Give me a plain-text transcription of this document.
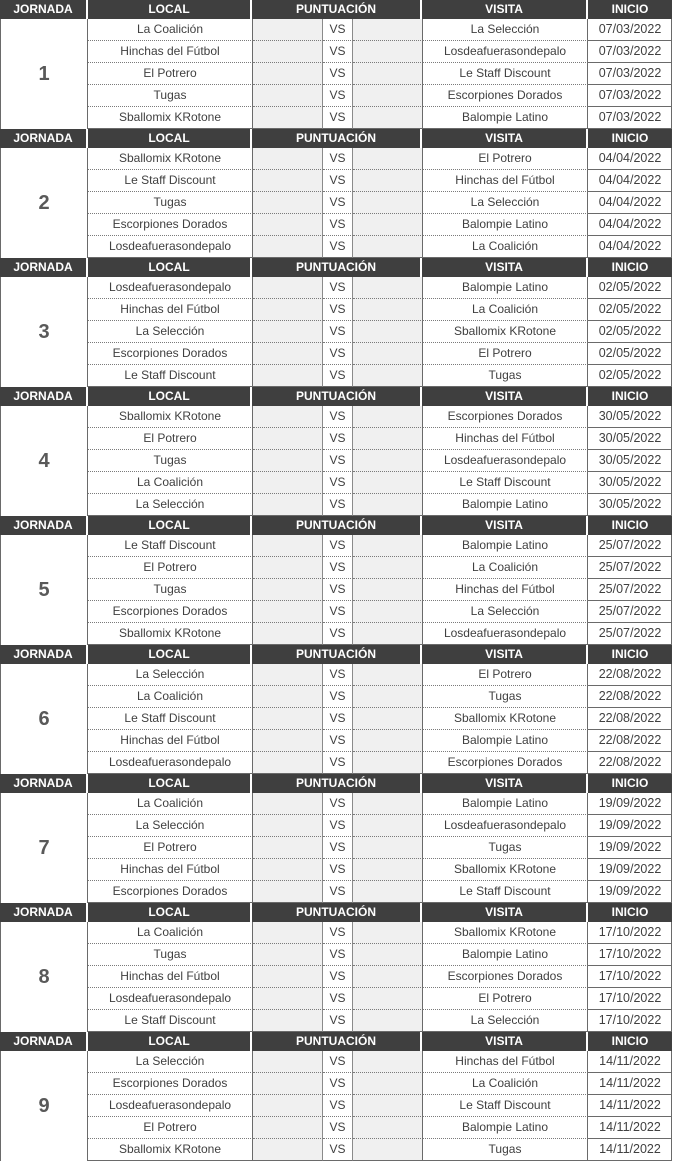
JORNADA	LOCAL	PUNTUACIÓN	VISITA	INICIO
1
La Coalición	VS	La Selección	07/03/2022
Hinchas del Fútbol	VS	Losdeafuerasondepalo	07/03/2022
El Potrero	VS	Le Staff Discount	07/03/2022
Tugas	VS	Escorpiones Dorados	07/03/2022
Sballomix KRotone	VS	Balompie Latino	07/03/2022
JORNADA	LOCAL	PUNTUACIÓN	VISITA	INICIO
2
Sballomix KRotone	VS	El Potrero	04/04/2022
Le Staff Discount	VS	Hinchas del Fútbol	04/04/2022
Tugas	VS	La Selección	04/04/2022
Escorpiones Dorados	VS	Balompie Latino	04/04/2022
Losdeafuerasondepalo	VS	La Coalición	04/04/2022
JORNADA	LOCAL	PUNTUACIÓN	VISITA	INICIO
3
Losdeafuerasondepalo	VS	Balompie Latino	02/05/2022
Hinchas del Fútbol	VS	La Coalición	02/05/2022
La Selección	VS	Sballomix KRotone	02/05/2022
Escorpiones Dorados	VS	El Potrero	02/05/2022
Le Staff Discount	VS	Tugas	02/05/2022
JORNADA	LOCAL	PUNTUACIÓN	VISITA	INICIO
4
Sballomix KRotone	VS	Escorpiones Dorados	30/05/2022
El Potrero	VS	Hinchas del Fútbol	30/05/2022
Tugas	VS	Losdeafuerasondepalo	30/05/2022
La Coalición	VS	Le Staff Discount	30/05/2022
La Selección	VS	Balompie Latino	30/05/2022
JORNADA	LOCAL	PUNTUACIÓN	VISITA	INICIO
5
Le Staff Discount	VS	Balompie Latino	25/07/2022
El Potrero	VS	La Coalición	25/07/2022
Tugas	VS	Hinchas del Fútbol	25/07/2022
Escorpiones Dorados	VS	La Selección	25/07/2022
Sballomix KRotone	VS	Losdeafuerasondepalo	25/07/2022
JORNADA	LOCAL	PUNTUACIÓN	VISITA	INICIO
6
La Selección	VS	El Potrero	22/08/2022
La Coalición	VS	Tugas	22/08/2022
Le Staff Discount	VS	Sballomix KRotone	22/08/2022
Hinchas del Fútbol	VS	Balompie Latino	22/08/2022
Losdeafuerasondepalo	VS	Escorpiones Dorados	22/08/2022
JORNADA	LOCAL	PUNTUACIÓN	VISITA	INICIO
7
La Coalición	VS	Balompie Latino	19/09/2022
La Selección	VS	Losdeafuerasondepalo	19/09/2022
El Potrero	VS	Tugas	19/09/2022
Hinchas del Fútbol	VS	Sballomix KRotone	19/09/2022
Escorpiones Dorados	VS	Le Staff Discount	19/09/2022
JORNADA	LOCAL	PUNTUACIÓN	VISITA	INICIO
8
La Coalición	VS	Sballomix KRotone	17/10/2022
Tugas	VS	Balompie Latino	17/10/2022
Hinchas del Fútbol	VS	Escorpiones Dorados	17/10/2022
Losdeafuerasondepalo	VS	El Potrero	17/10/2022
Le Staff Discount	VS	La Selección	17/10/2022
JORNADA	LOCAL	PUNTUACIÓN	VISITA	INICIO
9
La Selección	VS	Hinchas del Fútbol	14/11/2022
Escorpiones Dorados	VS	La Coalición	14/11/2022
Losdeafuerasondepalo	VS	Le Staff Discount	14/11/2022
El Potrero	VS	Balompie Latino	14/11/2022
Sballomix KRotone	VS	Tugas	14/11/2022
